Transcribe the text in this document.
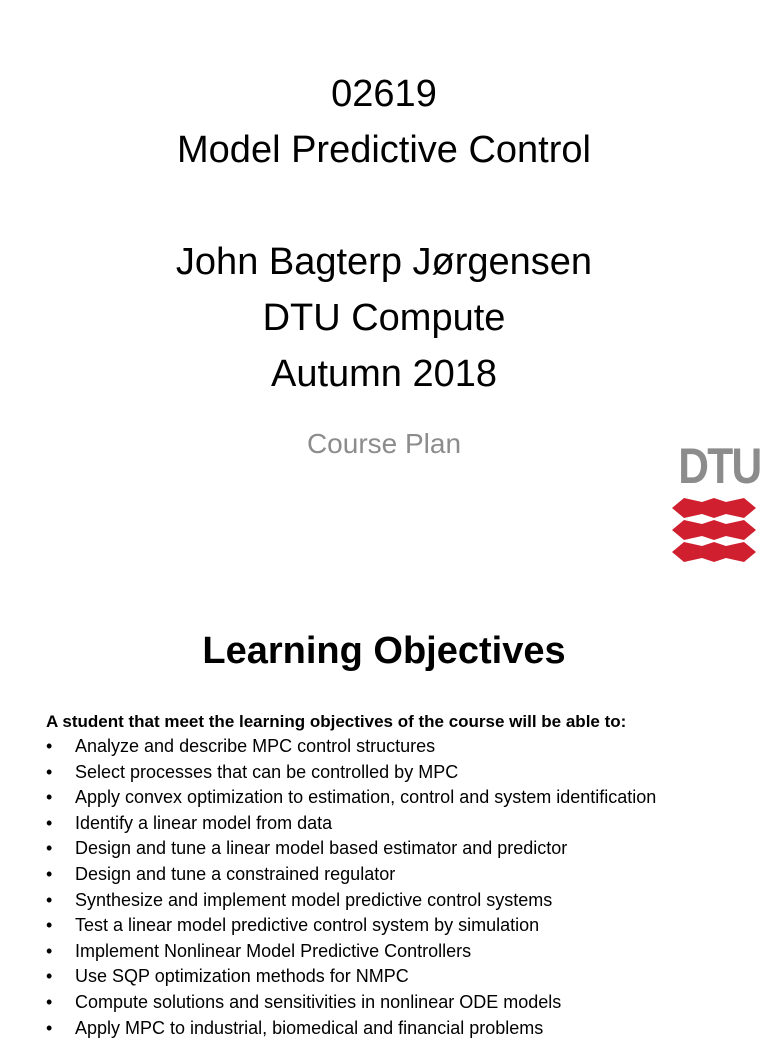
02619
Model Predictive Control
John Bagterp Jørgensen
DTU Compute
Autumn 2018
Course Plan	DTU
Learning Objectives
A student that meet the learning objectives of the course will be able to:
• Analyze and describe MPC control structures
• Select processes that can be controlled by MPC
• Apply convex optimization to estimation, control and system identification
• Identify a linear model from data
• Design and tune a linear model based estimator and predictor
• Design and tune a constrained regulator
• Synthesize and implement model predictive control systems
• Test a linear model predictive control system by simulation
• Implement Nonlinear Model Predictive Controllers
• Use SQP optimization methods for NMPC
• Compute solutions and sensitivities in nonlinear ODE models
• Apply MPC to industrial, biomedical and financial problems
